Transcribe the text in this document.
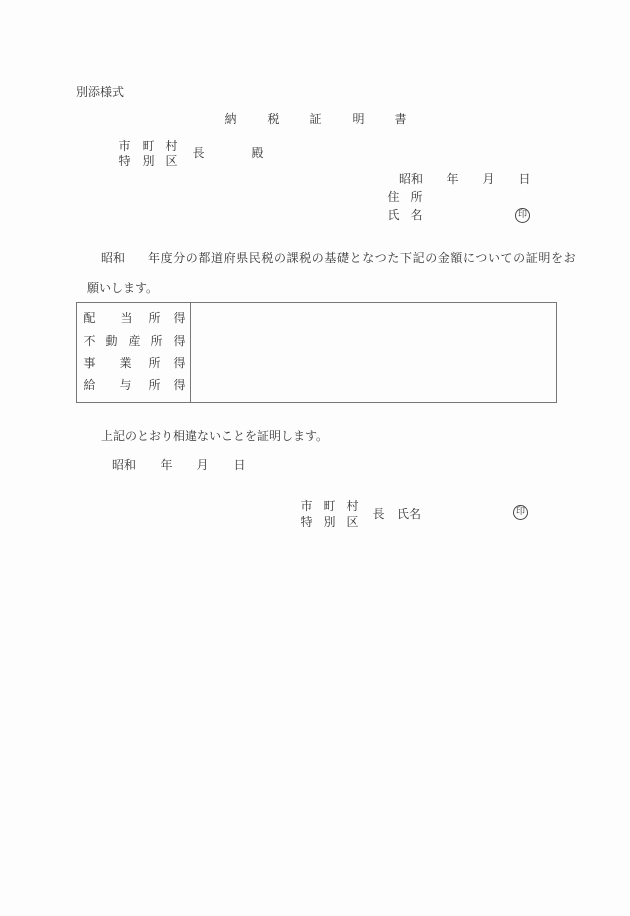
別添様式
納	税 証	明 書
市 町 村
特 別 区
長	殿
昭和 年 月 日
住 所
氏 名	印
昭和 年度分の都道府県民税の課税の基礎となつた下記の金額についての証明をお
願いします。
配 当 所 得
不 動 産 所 得
事 業 所 得
給 与 所 得
上記のとおり相違ないことを証明します。
昭和 年 月 日
市 町 村
特 別 区
長 氏名	印
